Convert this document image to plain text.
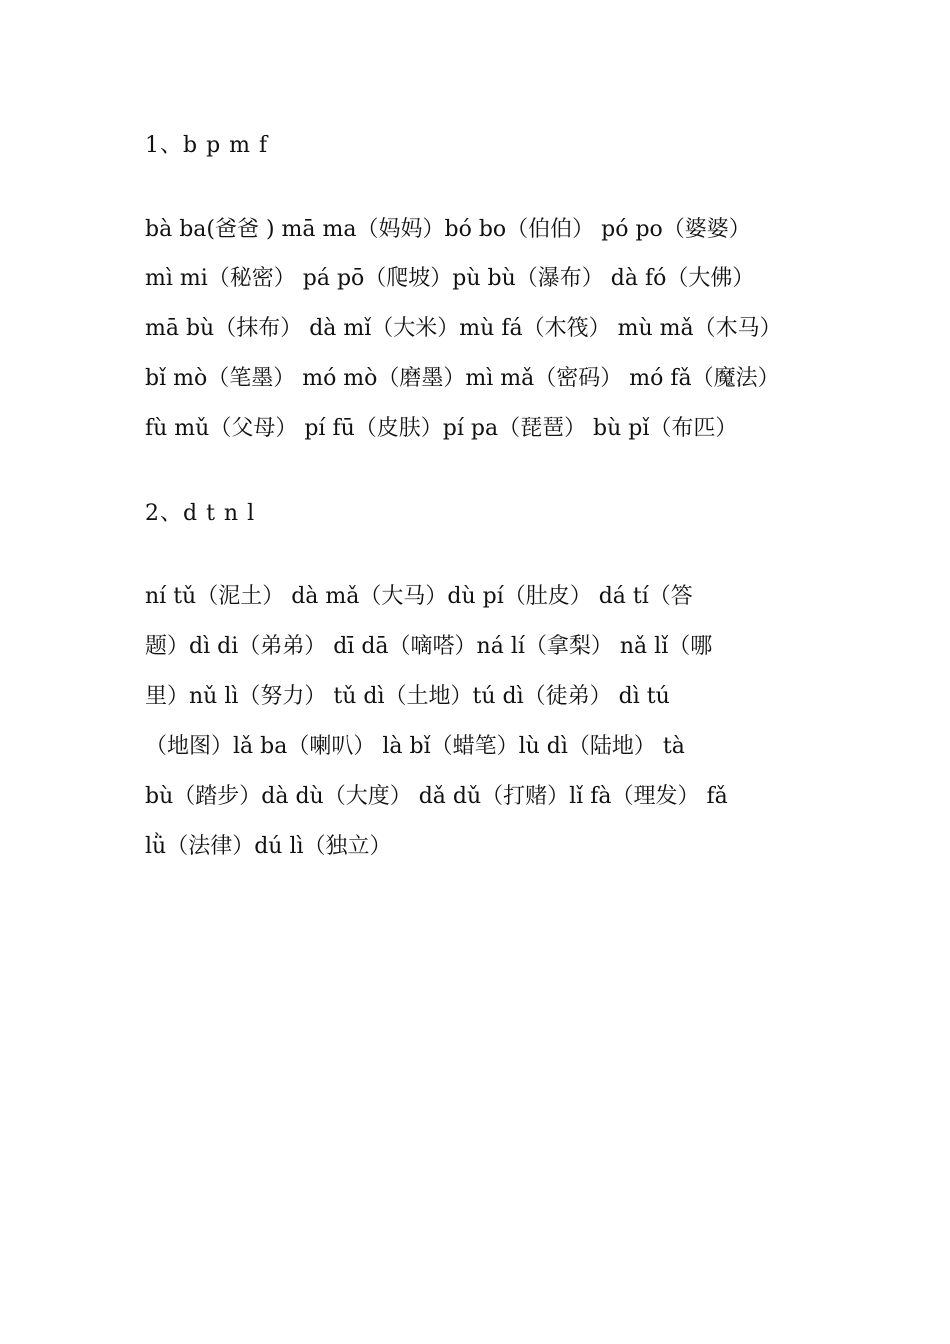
1、b p m f
bà ba(爸爸 ) mā ma（妈妈）bó bo（伯伯） pó po（婆婆）
mì mi（秘密） pá pō（爬坡）pù bù（瀑布） dà fó（大佛）
mā bù（抹布） dà mǐ（大米）mù fá（木筏） mù mǎ（木马）
bǐ mò（笔墨） mó mò（磨墨）mì mǎ（密码） mó fǎ（魔法）
fù mǔ（父母） pí fū（皮肤）pí pa（琵琶） bù pǐ（布匹）
2、d t n l
ní tǔ（泥土） dà mǎ（大马）dù pí（肚皮） dá tí（答
题）dì di（弟弟） dī dā（嘀嗒）ná lí（拿梨） nǎ lǐ（哪
里）nǔ lì（努力） tǔ dì（土地）tú dì（徒弟） dì tú
（地图）lǎ ba（喇叭） là bǐ（蜡笔）lù dì（陆地） tà
bù（踏步）dà dù（大度） dǎ dǔ（打赌）lǐ fà（理发） fǎ
lǜ（法律）dú lì（独立）
